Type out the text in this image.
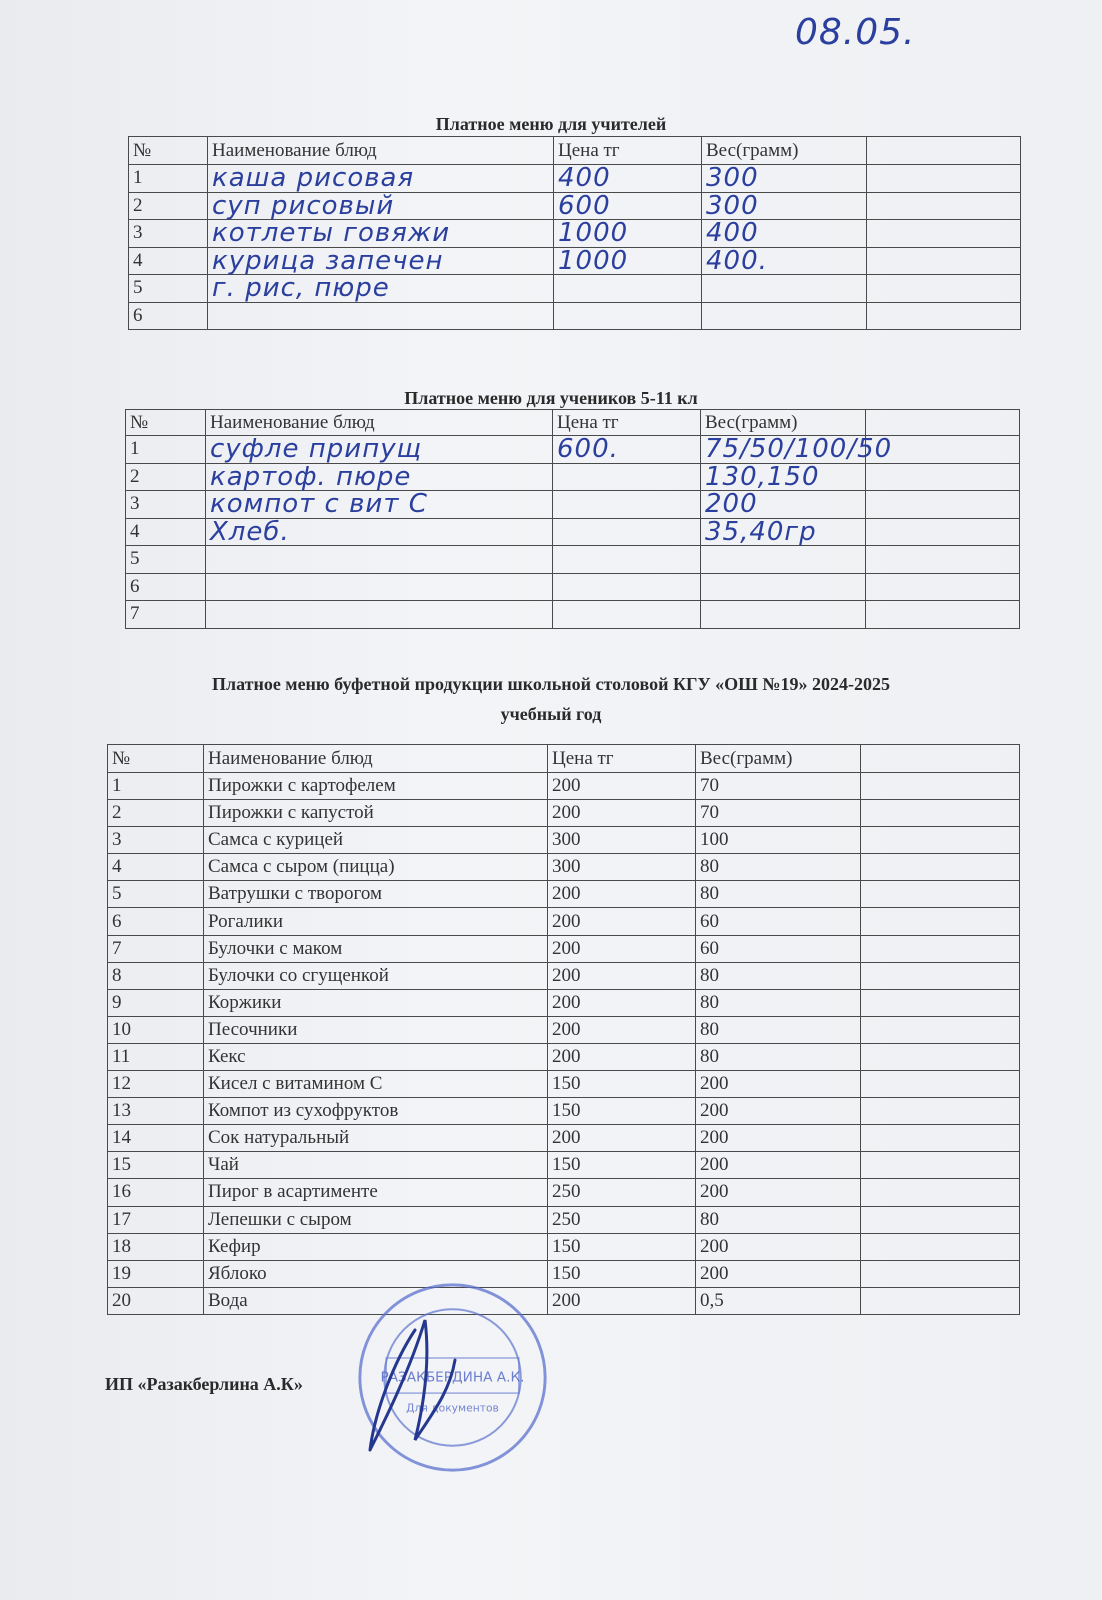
08.05.
Платное меню для учителей
№	Наименование блюд	Цена тг	Вес(грамм)	
1	каша рисовая	400	300	
2	суп рисовый	600	300	
3	котлеты говяжи	1000	400	
4	курица запечен	1000	400.	
5	г. рис, пюре			
6				
Платное меню для учеников 5-11 кл
№	Наименование блюд	Цена тг	Вес(грамм)	
1	суфле припущ	600.	75/50/100/50	
2	картоф. пюре		130,150	
3	компот с вит С		200	
4	Хлеб.		35,40гр	
5				
6				
7				
Платное меню буфетной продукции школьной столовой КГУ «ОШ №19» 2024-2025
учебный год
№	Наименование блюд	Цена тг	Вес(грамм)	
1	Пирожки с картофелем	200	70	
2	Пирожки с капустой	200	70	
3	Самса с курицей	300	100	
4	Самса с сыром (пицца)	300	80	
5	Ватрушки с творогом	200	80	
6	Рогалики	200	60	
7	Булочки с маком	200	60	
8	Булочки со сгущенкой	200	80	
9	Коржики	200	80	
10	Песочники	200	80	
11	Кекс	200	80	
12	Кисел с витамином С	150	200	
13	Компот из сухофруктов	150	200	
14	Сок натуральный	200	200	
15	Чай	150	200	
16	Пирог в асартименте	250	200	
17	Лепешки с сыром	250	80	
18	Кефир	150	200	
19	Яблоко	150	200	
20	Вода	200	0,5	
ИП «Разакберлина А.К»	РАЗАКБЕРДИНА А.К.
Для документов
